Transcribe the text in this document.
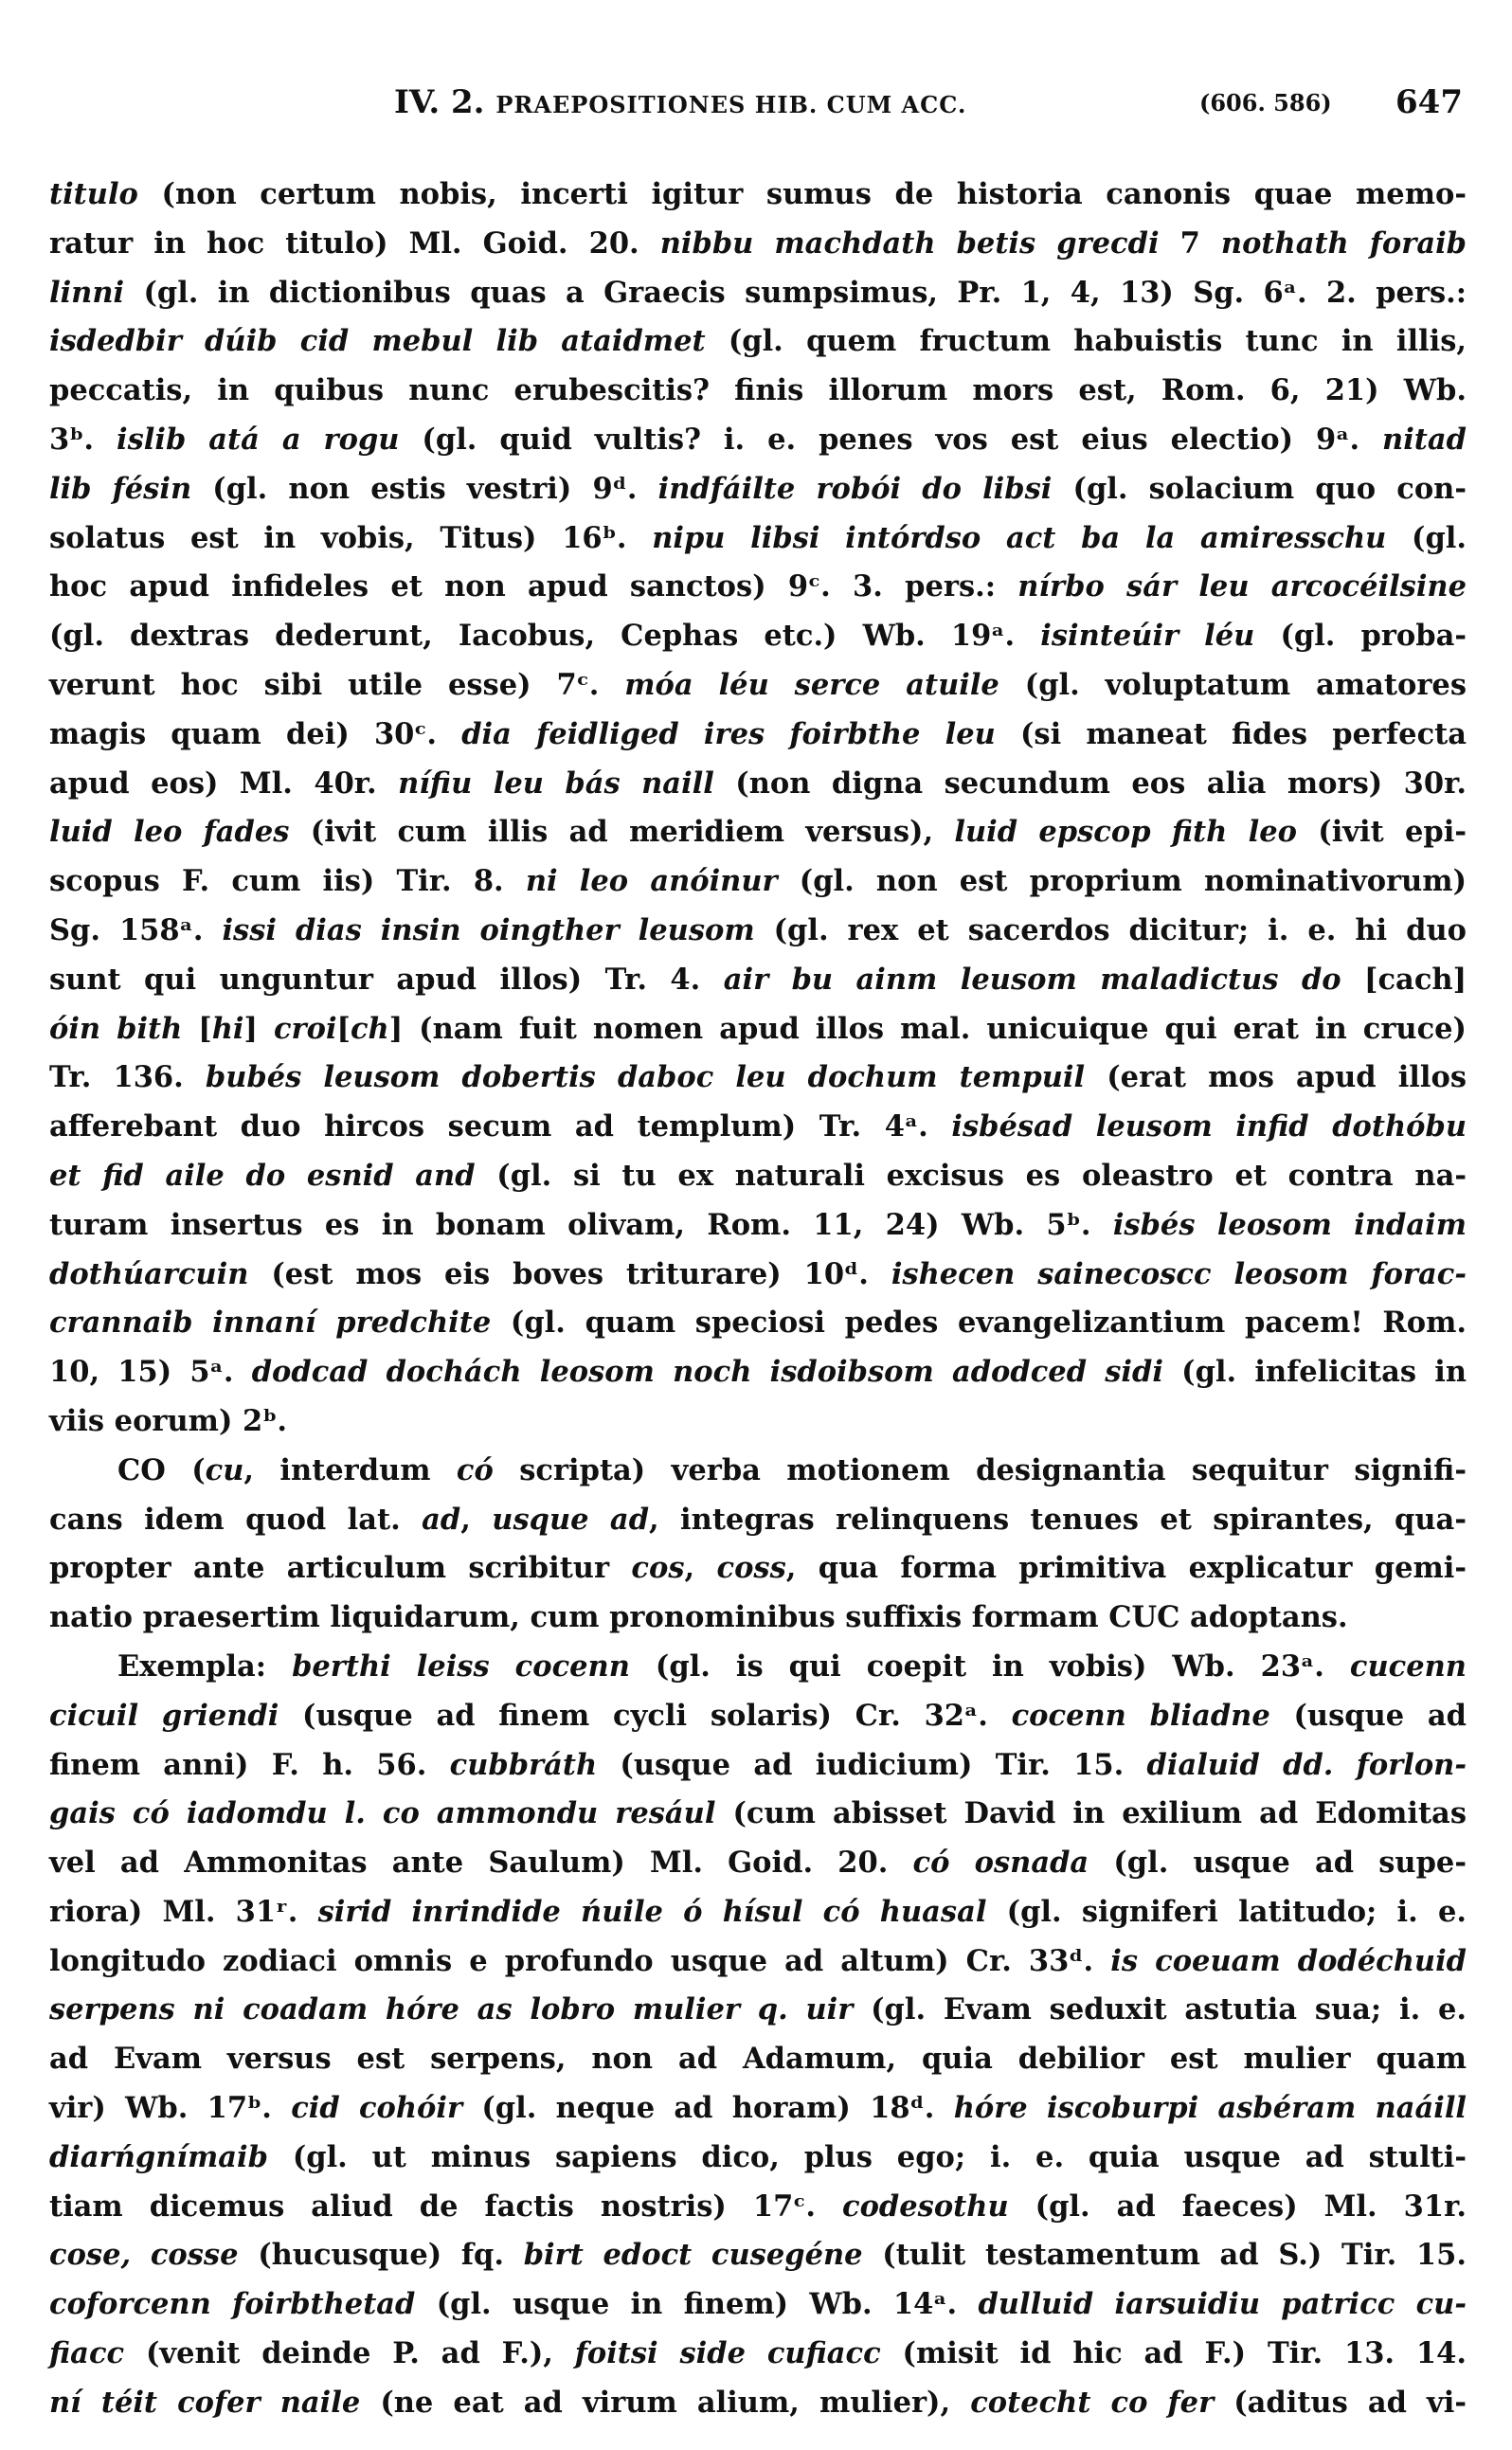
IV. 2. PRAEPOSITIONES HIB. CUM ACC.	(606. 586) 647
titulo (non certum nobis, incerti igitur sumus de historia canonis quae memo-
ratur in hoc titulo) Ml. Goid. 20. nibbu machdath betis grecdi 7 nothath foraib
linni (gl. in dictionibus quas a Graecis sumpsimus, Pr. 1, 4, 13) Sg. 6ᵃ. 2. pers.:
isdedbir dúib cid mebul lib ataidmet (gl. quem fructum habuistis tunc in illis,
peccatis, in quibus nunc erubescitis? finis illorum mors est, Rom. 6, 21) Wb.
3ᵇ. islib atá a rogu (gl. quid vultis? i. e. penes vos est eius electio) 9ᵃ. nitad
lib fésin (gl. non estis vestri) 9ᵈ. indfáilte robói do libsi (gl. solacium quo con-
solatus est in vobis, Titus) 16ᵇ. nipu libsi intórdso act ba la amiresschu (gl.
hoc apud infideles et non apud sanctos) 9ᶜ. 3. pers.: nírbo sár leu arcocéilsine
(gl. dextras dederunt, Iacobus, Cephas etc.) Wb. 19ᵃ. isinteúir léu (gl. proba-
verunt hoc sibi utile esse) 7ᶜ. móa léu serce atuile (gl. voluptatum amatores
magis quam dei) 30ᶜ. dia feidliged ires foirbthe leu (si maneat fides perfecta
apud eos) Ml. 40r. nífiu leu bás naill (non digna secundum eos alia mors) 30r.
luid leo fades (ivit cum illis ad meridiem versus), luid epscop fith leo (ivit epi-
scopus F. cum iis) Tir. 8. ni leo anóinur (gl. non est proprium nominativorum)
Sg. 158ᵃ. issi dias insin oingther leusom (gl. rex et sacerdos dicitur; i. e. hi duo
sunt qui unguntur apud illos) Tr. 4. air bu ainm leusom maladictus do [cach]
óin bith [hi] croi[ch] (nam fuit nomen apud illos mal. unicuique qui erat in cruce)
Tr. 136. bubés leusom dobertis daboc leu dochum tempuil (erat mos apud illos
afferebant duo hircos secum ad templum) Tr. 4ᵃ. isbésad leusom infid dothóbu
et fid aile do esnid and (gl. si tu ex naturali excisus es oleastro et contra na-
turam insertus es in bonam olivam, Rom. 11, 24) Wb. 5ᵇ. isbés leosom indaim
dothúarcuin (est mos eis boves triturare) 10ᵈ. ishecen sainecoscc leosom forac-
crannaib innaní predchite (gl. quam speciosi pedes evangelizantium pacem! Rom.
10, 15) 5ᵃ. dodcad dochách leosom noch isdoibsom adodced sidi (gl. infelicitas in
viis eorum) 2ᵇ.
CO (cu, interdum có scripta) verba motionem designantia sequitur signifi-
cans idem quod lat. ad, usque ad, integras relinquens tenues et spirantes, qua-
propter ante articulum scribitur cos, coss, qua forma primitiva explicatur gemi-
natio praesertim liquidarum, cum pronominibus suffixis formam CUC adoptans.
Exempla: berthi leiss cocenn (gl. is qui coepit in vobis) Wb. 23ᵃ. cucenn
cicuil griendi (usque ad finem cycli solaris) Cr. 32ᵃ. cocenn bliadne (usque ad
finem anni) F. h. 56. cubbráth (usque ad iudicium) Tir. 15. dialuid dd. forlon-
gais có iadomdu l. co ammondu resául (cum abisset David in exilium ad Edomitas
vel ad Ammonitas ante Saulum) Ml. Goid. 20. có osnada (gl. usque ad supe-
riora) Ml. 31ʳ. sirid inrindide ńuile ó hísul có huasal (gl. signiferi latitudo; i. e.
longitudo zodiaci omnis e profundo usque ad altum) Cr. 33ᵈ. is coeuam dodéchuid
serpens ni coadam hóre as lobro mulier q. uir (gl. Evam seduxit astutia sua; i. e.
ad Evam versus est serpens, non ad Adamum, quia debilior est mulier quam
vir) Wb. 17ᵇ. cid cohóir (gl. neque ad horam) 18ᵈ. hóre iscoburpi asbéram naáill
diarńgnímaib (gl. ut minus sapiens dico, plus ego; i. e. quia usque ad stulti-
tiam dicemus aliud de factis nostris) 17ᶜ. codesothu (gl. ad faeces) Ml. 31r.
cose, cosse (hucusque) fq. birt edoct cusegéne (tulit testamentum ad S.) Tir. 15.
coforcenn foirbthetad (gl. usque in finem) Wb. 14ᵃ. dulluid iarsuidiu patricc cu-
fiacc (venit deinde P. ad F.), foitsi side cufiacc (misit id hic ad F.) Tir. 13. 14.
ní téit cofer naile (ne eat ad virum alium, mulier), cotecht co fer (aditus ad vi-
